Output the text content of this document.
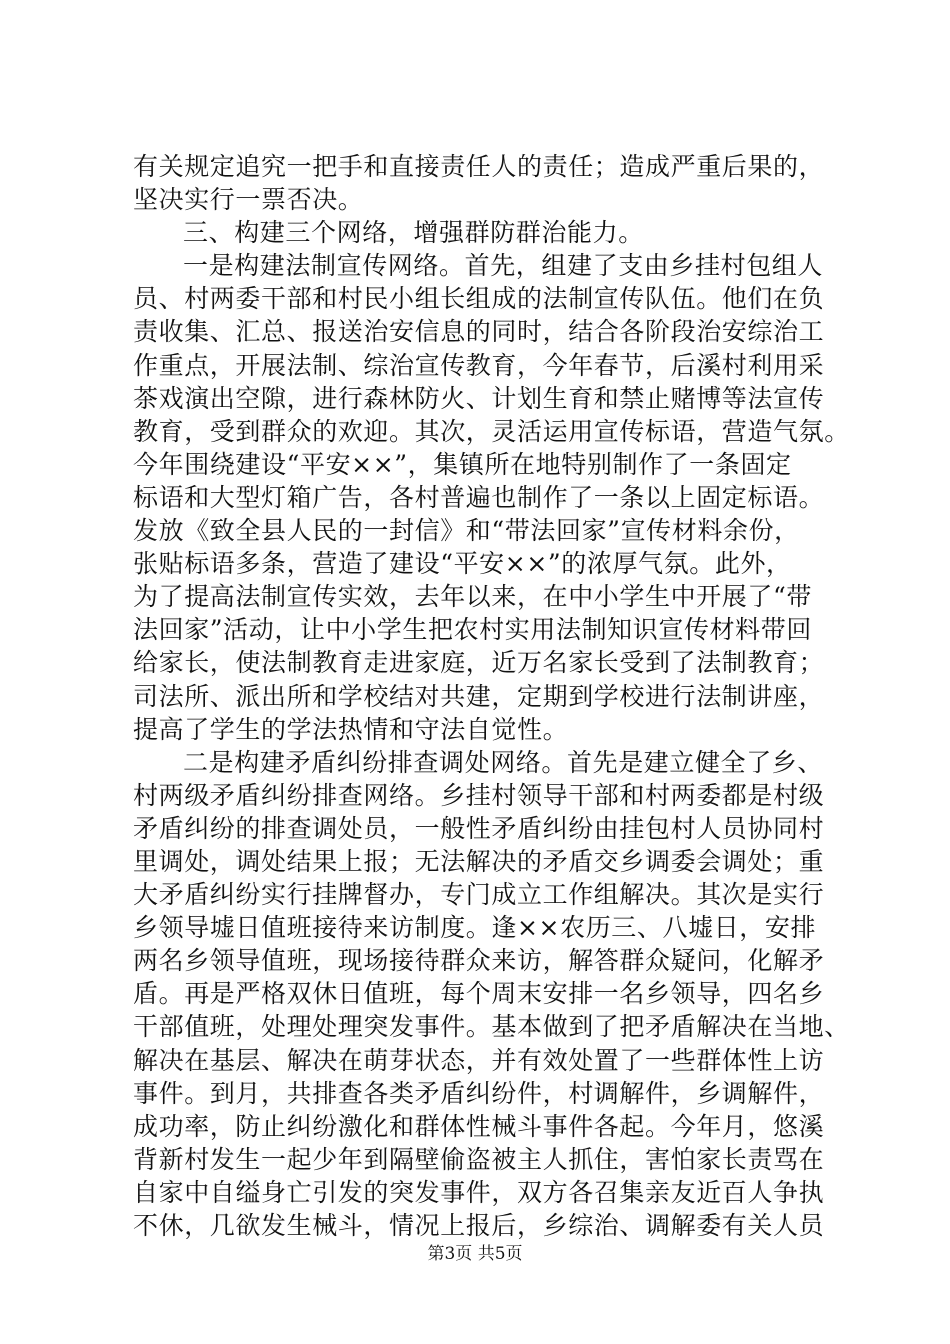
有关规定追究一把手和直接责任人的责任；造成严重后果的，
坚决实行一票否决。
三、构建三个网络，增强群防群治能力。
一是构建法制宣传网络。首先，组建了支由乡挂村包组人
员、村两委干部和村民小组长组成的法制宣传队伍。他们在负
责收集、汇总、报送治安信息的同时，结合各阶段治安综治工
作重点，开展法制、综治宣传教育，今年春节，后溪村利用采
茶戏演出空隙，进行森林防火、计划生育和禁止赌博等法宣传
教育，受到群众的欢迎。其次，灵活运用宣传标语，营造气氛。
今年围绕建设“平安××”，集镇所在地特别制作了一条固定
标语和大型灯箱广告，各村普遍也制作了一条以上固定标语。
发放《致全县人民的一封信》和“带法回家”宣传材料余份，
张贴标语多条，营造了建设“平安××”的浓厚气氛。此外，
为了提高法制宣传实效，去年以来，在中小学生中开展了“带
法回家”活动，让中小学生把农村实用法制知识宣传材料带回
给家长，使法制教育走进家庭，近万名家长受到了法制教育；
司法所、派出所和学校结对共建，定期到学校进行法制讲座，
提高了学生的学法热情和守法自觉性。
二是构建矛盾纠纷排查调处网络。首先是建立健全了乡、
村两级矛盾纠纷排查网络。乡挂村领导干部和村两委都是村级
矛盾纠纷的排查调处员，一般性矛盾纠纷由挂包村人员协同村
里调处，调处结果上报；无法解决的矛盾交乡调委会调处；重
大矛盾纠纷实行挂牌督办，专门成立工作组解决。其次是实行
乡领导墟日值班接待来访制度。逢××农历三、八墟日，安排
两名乡领导值班，现场接待群众来访，解答群众疑问，化解矛
盾。再是严格双休日值班，每个周末安排一名乡领导，四名乡
干部值班，处理处理突发事件。基本做到了把矛盾解决在当地、
解决在基层、解决在萌芽状态，并有效处置了一些群体性上访
事件。到月，共排查各类矛盾纠纷件，村调解件，乡调解件，
成功率，防止纠纷激化和群体性械斗事件各起。今年月，悠溪
背新村发生一起少年到隔壁偷盗被主人抓住，害怕家长责骂在
自家中自缢身亡引发的突发事件，双方各召集亲友近百人争执
不休，几欲发生械斗，情况上报后，乡综治、调解委有关人员
第3页 共5页
